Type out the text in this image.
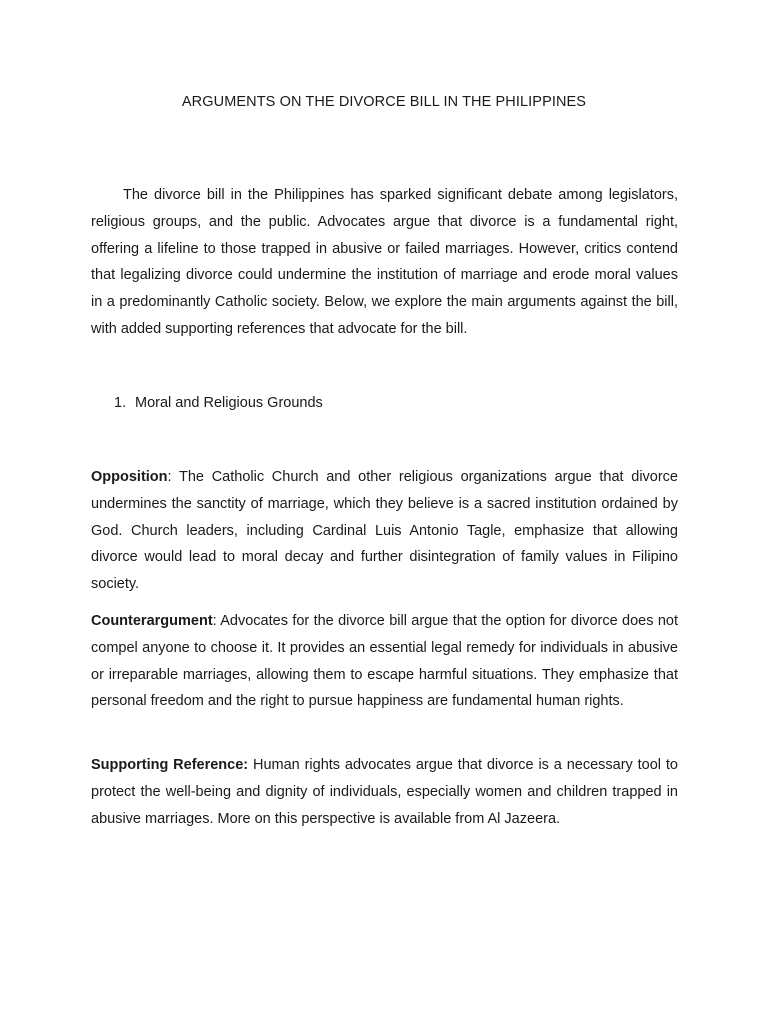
ARGUMENTS ON THE DIVORCE BILL IN THE PHILIPPINES

The divorce bill in the Philippines has sparked significant debate among legislators, religious groups, and the public. Advocates argue that divorce is a fundamental right, offering a lifeline to those trapped in abusive or failed marriages. However, critics contend that legalizing divorce could undermine the institution of marriage and erode moral values in a predominantly Catholic society. Below, we explore the main arguments against the bill, with added supporting references that advocate for the bill.

1. Moral and Religious Grounds

Opposition: The Catholic Church and other religious organizations argue that divorce undermines the sanctity of marriage, which they believe is a sacred institution ordained by God. Church leaders, including Cardinal Luis Antonio Tagle, emphasize that allowing divorce would lead to moral decay and further disintegration of family values in Filipino society.

Counterargument: Advocates for the divorce bill argue that the option for divorce does not compel anyone to choose it. It provides an essential legal remedy for individuals in abusive or irreparable marriages, allowing them to escape harmful situations. They emphasize that personal freedom and the right to pursue happiness are fundamental human rights.

Supporting Reference: Human rights advocates argue that divorce is a necessary tool to protect the well-being and dignity of individuals, especially women and children trapped in abusive marriages. More on this perspective is available from Al Jazeera.
